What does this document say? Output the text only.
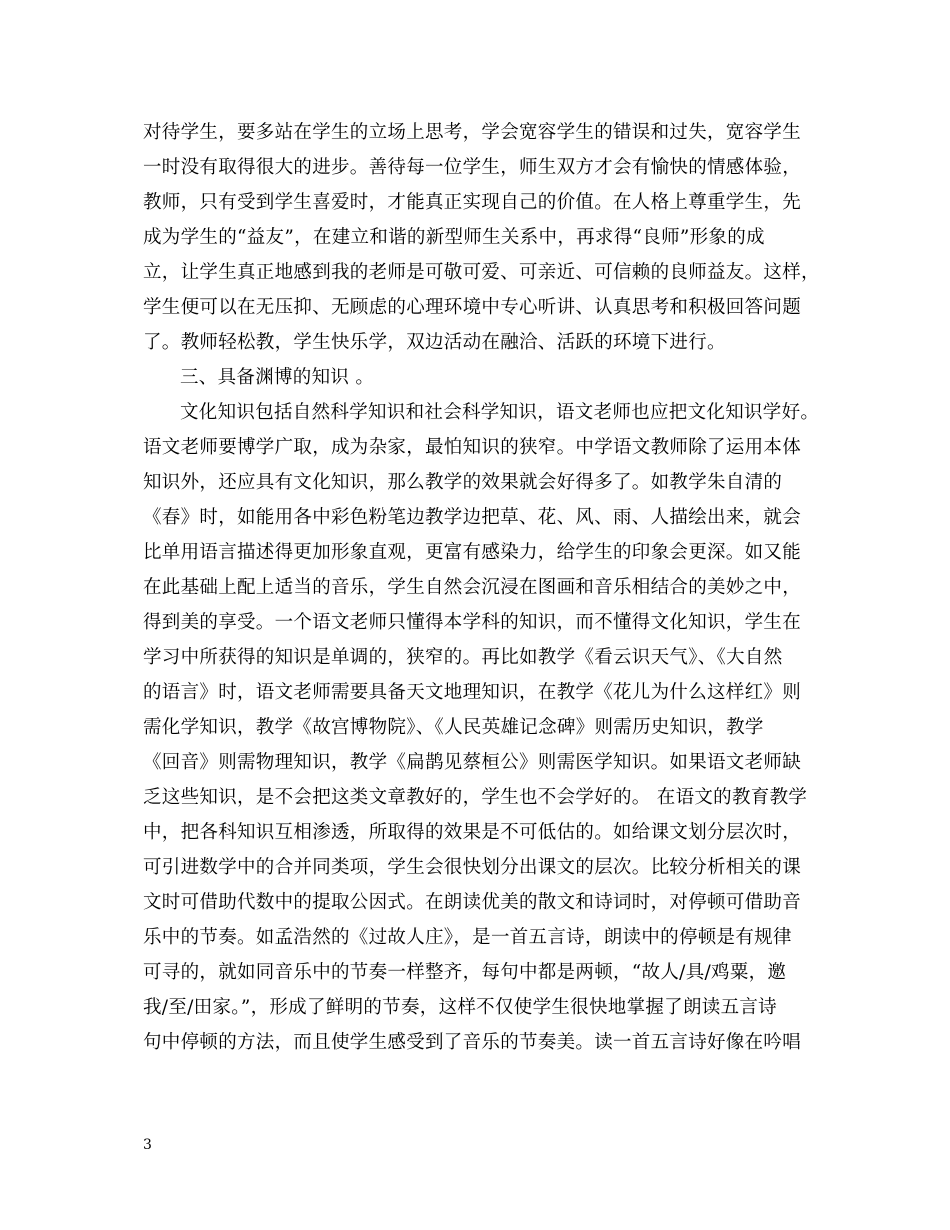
对待学生，要多站在学生的立场上思考，学会宽容学生的错误和过失，宽容学生
一时没有取得很大的进步。善待每一位学生，师生双方才会有愉快的情感体验，
教师，只有受到学生喜爱时，才能真正实现自己的价值。在人格上尊重学生，先
成为学生的“益友”，在建立和谐的新型师生关系中，再求得“良师”形象的成
立，让学生真正地感到我的老师是可敬可爱、可亲近、可信赖的良师益友。这样，
学生便可以在无压抑、无顾虑的心理环境中专心听讲、认真思考和积极回答问题
了。教师轻松教，学生快乐学，双边活动在融洽、活跃的环境下进行。
三、具备渊博的知识 。
文化知识包括自然科学知识和社会科学知识，语文老师也应把文化知识学好。
语文老师要博学广取，成为杂家，最怕知识的狭窄。中学语文教师除了运用本体
知识外，还应具有文化知识，那么教学的效果就会好得多了。如教学朱自清的
《春》时，如能用各中彩色粉笔边教学边把草、花、风、雨、人描绘出来，就会
比单用语言描述得更加形象直观，更富有感染力，给学生的印象会更深。如又能
在此基础上配上适当的音乐，学生自然会沉浸在图画和音乐相结合的美妙之中，
得到美的享受。一个语文老师只懂得本学科的知识，而不懂得文化知识，学生在
学习中所获得的知识是单调的，狭窄的。再比如教学《看云识天气》、《大自然
的语言》时，语文老师需要具备天文地理知识，在教学《花儿为什么这样红》则
需化学知识，教学《故宫博物院》、《人民英雄记念碑》则需历史知识，教学
《回音》则需物理知识，教学《扁鹊见蔡桓公》则需医学知识。如果语文老师缺
乏这些知识，是不会把这类文章教好的，学生也不会学好的。 在语文的教育教学
中，把各科知识互相渗透，所取得的效果是不可低估的。如给课文划分层次时，
可引进数学中的合并同类项，学生会很快划分出课文的层次。比较分析相关的课
文时可借助代数中的提取公因式。在朗读优美的散文和诗词时，对停顿可借助音
乐中的节奏。如孟浩然的《过故人庄》，是一首五言诗，朗读中的停顿是有规律
可寻的，就如同音乐中的节奏一样整齐，每句中都是两顿，“故人/具/鸡粟，邀
我/至/田家。”，形成了鲜明的节奏，这样不仅使学生很快地掌握了朗读五言诗
句中停顿的方法，而且使学生感受到了音乐的节奏美。读一首五言诗好像在吟唱
3
